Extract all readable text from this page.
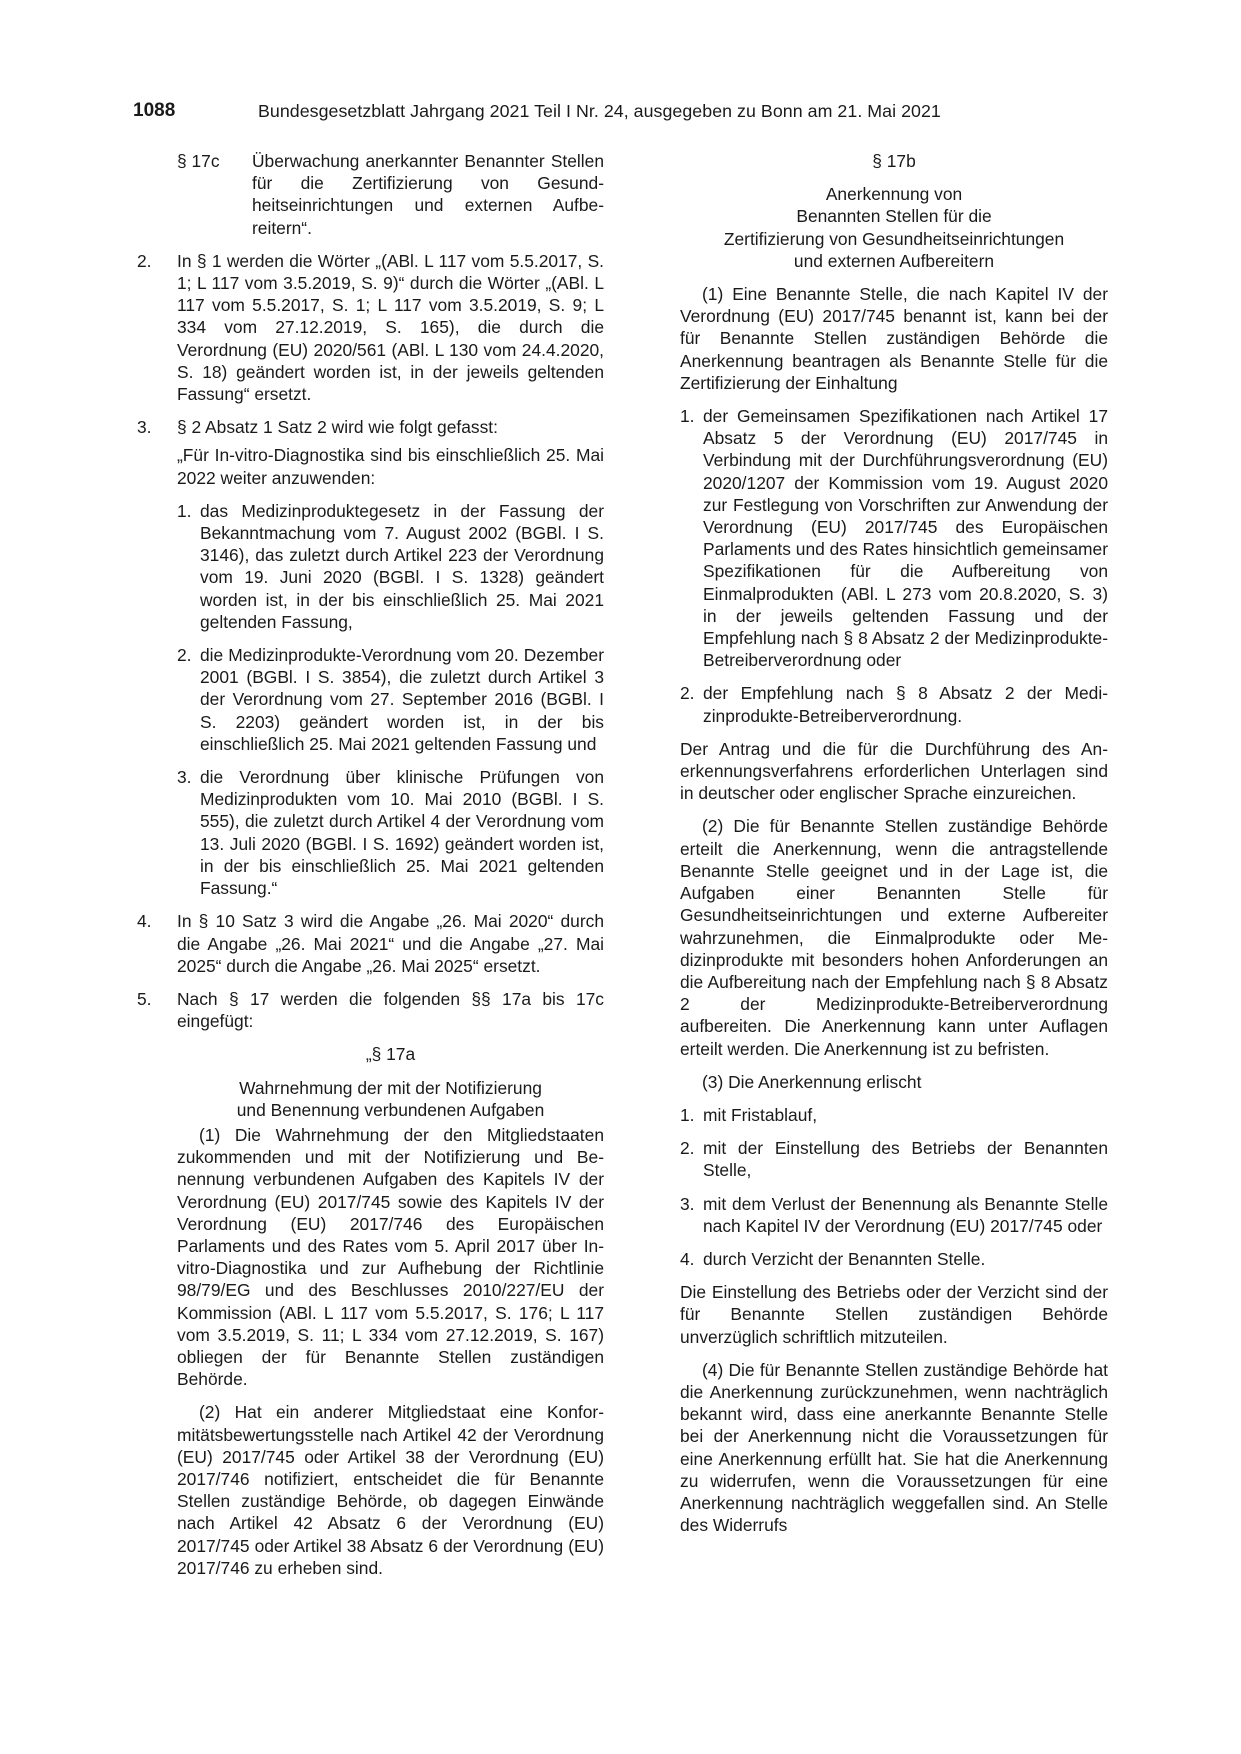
1088	Bundesgesetzblatt Jahrgang 2021 Teil I Nr. 24, ausgegeben zu Bonn am 21. Mai 2021
§ 17c	Überwachung anerkannter Benannter Stellen für die Zertifizierung von Gesundheitseinrichtungen und externen Aufbereitern“.
2.	In § 1 werden die Wörter „(ABl. L 117 vom 5.5.2017, S. 1; L 117 vom 3.5.2019, S. 9)“ durch die Wörter „(ABl. L 117 vom 5.5.2017, S. 1; L 117 vom 3.5.2019, S. 9; L 334 vom 27.12.2019, S. 165), die durch die Verordnung (EU) 2020/561 (ABl. L 130 vom 24.4.2020, S. 18) geändert worden ist, in der jeweils geltenden Fassung“ ersetzt.
3.	§ 2 Absatz 1 Satz 2 wird wie folgt gefasst:

„Für In-vitro-Diagnostika sind bis einschließlich 25. Mai 2022 weiter anzuwenden:

1. das Medizinproduktegesetz in der Fassung der Bekanntmachung vom 7. August 2002 (BGBl. I S. 3146), das zuletzt durch Artikel 223 der Verordnung vom 19. Juni 2020 (BGBl. I S. 1328) geändert worden ist, in der bis einschließlich 25. Mai 2021 geltenden Fassung,
2. die Medizinprodukte-Verordnung vom 20. Dezember 2001 (BGBl. I S. 3854), die zuletzt durch Artikel 3 der Verordnung vom 27. September 2016 (BGBl. I S. 2203) geändert worden ist, in der bis einschließlich 25. Mai 2021 geltenden Fassung und
3. die Verordnung über klinische Prüfungen von Medizinprodukten vom 10. Mai 2010 (BGBl. I S. 555), die zuletzt durch Artikel 4 der Verordnung vom 13. Juli 2020 (BGBl. I S. 1692) geändert worden ist, in der bis einschließlich 25. Mai 2021 geltenden Fassung.“
4.	In § 10 Satz 3 wird die Angabe „26. Mai 2020“ durch die Angabe „26. Mai 2021“ und die Angabe „27. Mai 2025“ durch die Angabe „26. Mai 2025“ ersetzt.
5.	Nach § 17 werden die folgenden §§ 17a bis 17c eingefügt:

„§ 17a

Wahrnehmung der mit der Notifizierung

und Benennung verbundenen Aufgaben

(1) Die Wahrnehmung der den Mitgliedstaaten zukommenden und mit der Notifizierung und Benennung verbundenen Aufgaben des Kapitels IV der Verordnung (EU) 2017/745 sowie des Kapitels IV der Verordnung (EU) 2017/746 des Europäischen Parlaments und des Rates vom 5. April 2017 über In-vitro-Diagnostika und zur Aufhebung der Richtlinie 98/79/EG und des Beschlusses 2010/227/EU der Kommission (ABl. L 117 vom 5.5.2017, S. 176; L 117 vom 3.5.2019, S. 11; L 334 vom 27.12.2019, S. 167) obliegen der für Benannte Stellen zuständigen Behörde.

(2) Hat ein anderer Mitgliedstaat eine Konformitätsbewertungsstelle nach Artikel 42 der Verordnung (EU) 2017/745 oder Artikel 38 der Verordnung (EU) 2017/746 notifiziert, entscheidet die für Benannte Stellen zuständige Behörde, ob dagegen Einwände nach Artikel 42 Absatz 6 der Verordnung (EU) 2017/745 oder Artikel 38 Absatz 6 der Verordnung (EU) 2017/746 zu erheben sind.

§ 17b

Anerkennung von

Benannten Stellen für die

Zertifizierung von Gesundheitseinrichtungen

und externen Aufbereitern

(1) Eine Benannte Stelle, die nach Kapitel IV der Verordnung (EU) 2017/745 benannt ist, kann bei der für Benannte Stellen zuständigen Behörde die Anerkennung beantragen als Benannte Stelle für die Zertifizierung der Einhaltung

1. der Gemeinsamen Spezifikationen nach Artikel 17 Absatz 5 der Verordnung (EU) 2017/745 in Verbindung mit der Durchführungsverordnung (EU) 2020/1207 der Kommission vom 19. August 2020 zur Festlegung von Vorschriften zur Anwendung der Verordnung (EU) 2017/745 des Europäischen Parlaments und des Rates hinsichtlich gemeinsamer Spezifikationen für die Aufbereitung von Einmalprodukten (ABl. L 273 vom 20.8.2020, S. 3) in der jeweils geltenden Fassung und der Empfehlung nach § 8 Absatz 2 der Medizinprodukte-Betreiberverordnung oder
2. der Empfehlung nach § 8 Absatz 2 der Medizinprodukte-Betreiberverordnung.

Der Antrag und die für die Durchführung des Anerkennungsverfahrens erforderlichen Unterlagen sind in deutscher oder englischer Sprache einzureichen.

(2) Die für Benannte Stellen zuständige Behörde erteilt die Anerkennung, wenn die antragstellende Benannte Stelle geeignet und in der Lage ist, die Aufgaben einer Benannten Stelle für Gesundheitseinrichtungen und externe Aufbereiter wahrzunehmen, die Einmalprodukte oder Medizinprodukte mit besonders hohen Anforderungen an die Aufbereitung nach der Empfehlung nach § 8 Absatz 2 der Medizinprodukte-Betreiberverordnung aufbereiten. Die Anerkennung kann unter Auflagen erteilt werden. Die Anerkennung ist zu befristen.

(3) Die Anerkennung erlischt

1. mit Fristablauf,
2. mit der Einstellung des Betriebs der Benannten Stelle,
3. mit dem Verlust der Benennung als Benannte Stelle nach Kapitel IV der Verordnung (EU) 2017/745 oder
4. durch Verzicht der Benannten Stelle.

Die Einstellung des Betriebs oder der Verzicht sind der für Benannte Stellen zuständigen Behörde unverzüglich schriftlich mitzuteilen.

(4) Die für Benannte Stellen zuständige Behörde hat die Anerkennung zurückzunehmen, wenn nachträglich bekannt wird, dass eine anerkannte Benannte Stelle bei der Anerkennung nicht die Voraussetzungen für eine Anerkennung erfüllt hat. Sie hat die Anerkennung zu widerrufen, wenn die Voraussetzungen für eine Anerkennung nachträglich weggefallen sind. An Stelle des Widerrufs
